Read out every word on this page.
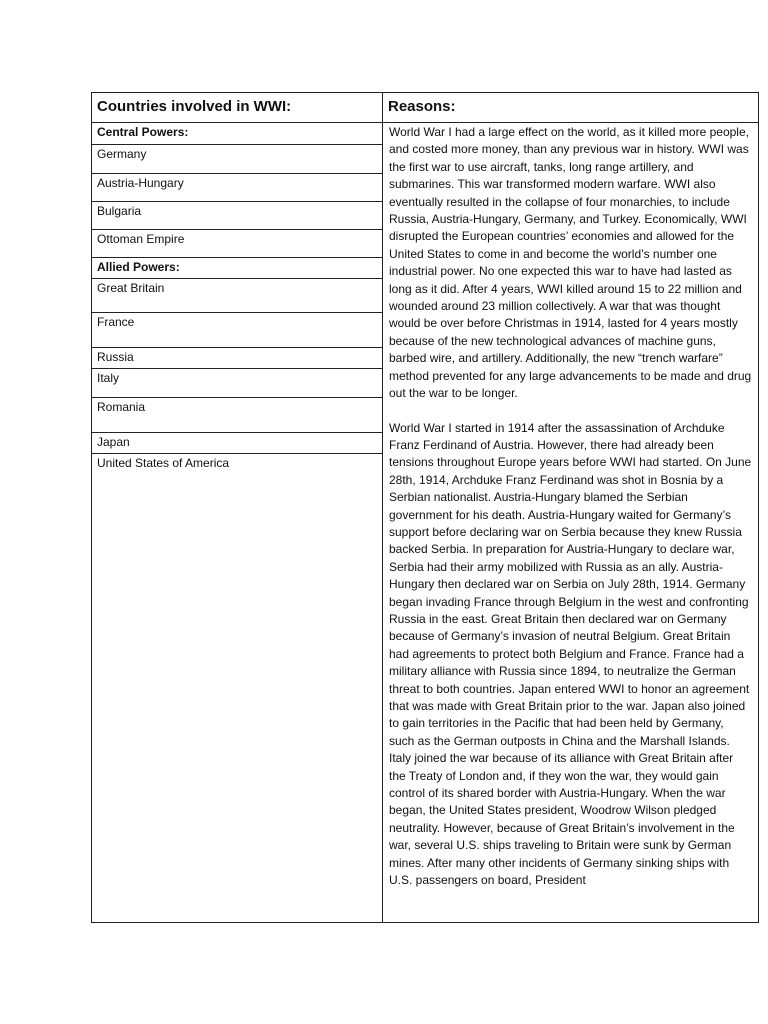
Countries involved in WWI:	Reasons:
Central Powers:
Germany
Austria-Hungary
Bulgaria
Ottoman Empire
Allied Powers:
Great Britain
France
Russia
Italy
Romania
Japan
United States of America

World War I had a large effect on the world, as it killed more people, and costed more money, than any previous war in history. WWI was the first war to use aircraft, tanks, long range artillery, and submarines. This war transformed modern warfare. WWI also eventually resulted in the collapse of four monarchies, to include Russia, Austria-Hungary, Germany, and Turkey. Economically, WWI disrupted the European countries’ economies and allowed for the United States to come in and become the world’s number one industrial power. No one expected this war to have had lasted as long as it did. After 4 years, WWI killed around 15 to 22 million and wounded around 23 million collectively. A war that was thought would be over before Christmas in 1914, lasted for 4 years mostly because of the new technological advances of machine guns, barbed wire, and artillery. Additionally, the new “trench warfare” method prevented for any large advancements to be made and drug out the war to be longer.

World War I started in 1914 after the assassination of Archduke Franz Ferdinand of Austria. However, there had already been tensions throughout Europe years before WWI had started. On June 28th, 1914, Archduke Franz Ferdinand was shot in Bosnia by a Serbian nationalist. Austria-Hungary blamed the Serbian government for his death. Austria-Hungary waited for Germany’s support before declaring war on Serbia because they knew Russia backed Serbia. In preparation for Austria-Hungary to declare war, Serbia had their army mobilized with Russia as an ally. Austria-Hungary then declared war on Serbia on July 28th, 1914. Germany began invading France through Belgium in the west and confronting Russia in the east. Great Britain then declared war on Germany because of Germany’s invasion of neutral Belgium. Great Britain had agreements to protect both Belgium and France. France had a military alliance with Russia since 1894, to neutralize the German threat to both countries. Japan entered WWI to honor an agreement that was made with Great Britain prior to the war. Japan also joined to gain territories in the Pacific that had been held by Germany, such as the German outposts in China and the Marshall Islands. Italy joined the war because of its alliance with Great Britain after the Treaty of London and, if they won the war, they would gain control of its shared border with Austria-Hungary. When the war began, the United States president, Woodrow Wilson pledged neutrality. However, because of Great Britain’s involvement in the war, several U.S. ships traveling to Britain were sunk by German mines. After many other incidents of Germany sinking ships with U.S. passengers on board, President
